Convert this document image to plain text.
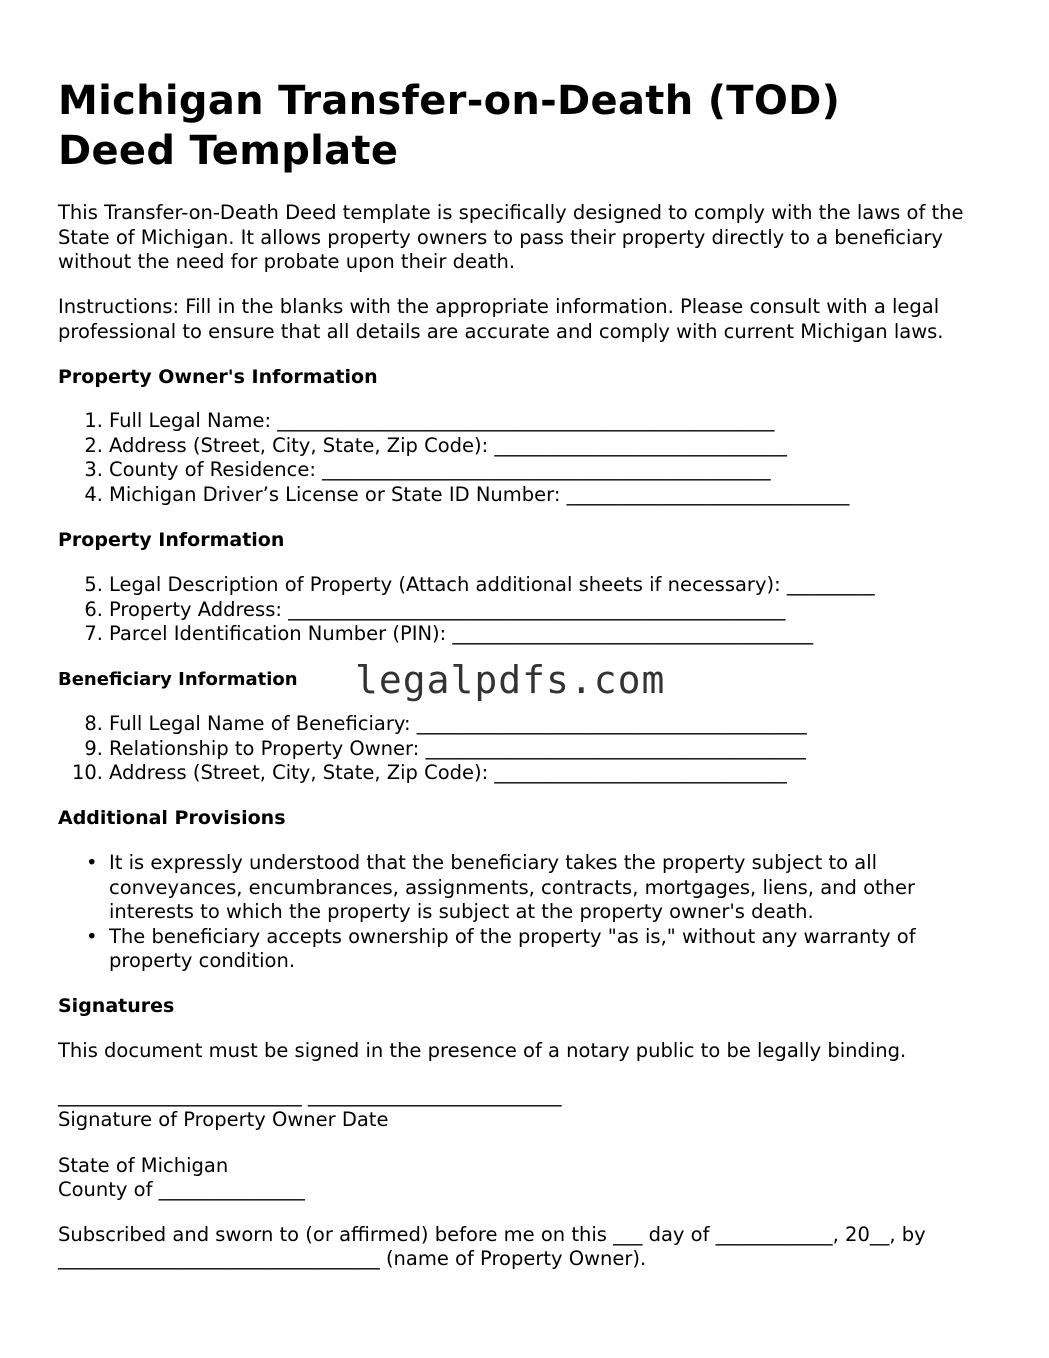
Michigan Transfer-on-Death (TOD)
Deed Template

This Transfer-on-Death Deed template is specifically designed to comply with the laws of the State of Michigan. It allows property owners to pass their property directly to a beneficiary without the need for probate upon their death.

Instructions: Fill in the blanks with the appropriate information. Please consult with a legal professional to ensure that all details are accurate and comply with current Michigan laws.

Property Owner's Information
1. Full Legal Name: ___________________________________________________
2. Address (Street, City, State, Zip Code): ______________________________
3. County of Residence: ______________________________________________
4. Michigan Driver’s License or State ID Number: _____________________________
Property Information
5. Legal Description of Property (Attach additional sheets if necessary): _________
6. Property Address: ___________________________________________________
7. Parcel Identification Number (PIN): _____________________________________
Beneficiary Information
8. Full Legal Name of Beneficiary: ________________________________________
9. Relationship to Property Owner: _______________________________________
10. Address (Street, City, State, Zip Code): ______________________________
Additional Provisions
• It is expressly understood that the beneficiary takes the property subject to all conveyances, encumbrances, assignments, contracts, mortgages, liens, and other interests to which the property is subject at the property owner's death.
• The beneficiary accepts ownership of the property "as is," without any warranty of property condition.
Signatures

This document must be signed in the presence of a notary public to be legally binding.

_________________________ __________________________

Signature of Property Owner Date

State of Michigan

County of _______________

Subscribed and sworn to (or affirmed) before me on this ___ day of ____________, 20__, by

_________________________________ (name of Property Owner).

legalpdfs.com
